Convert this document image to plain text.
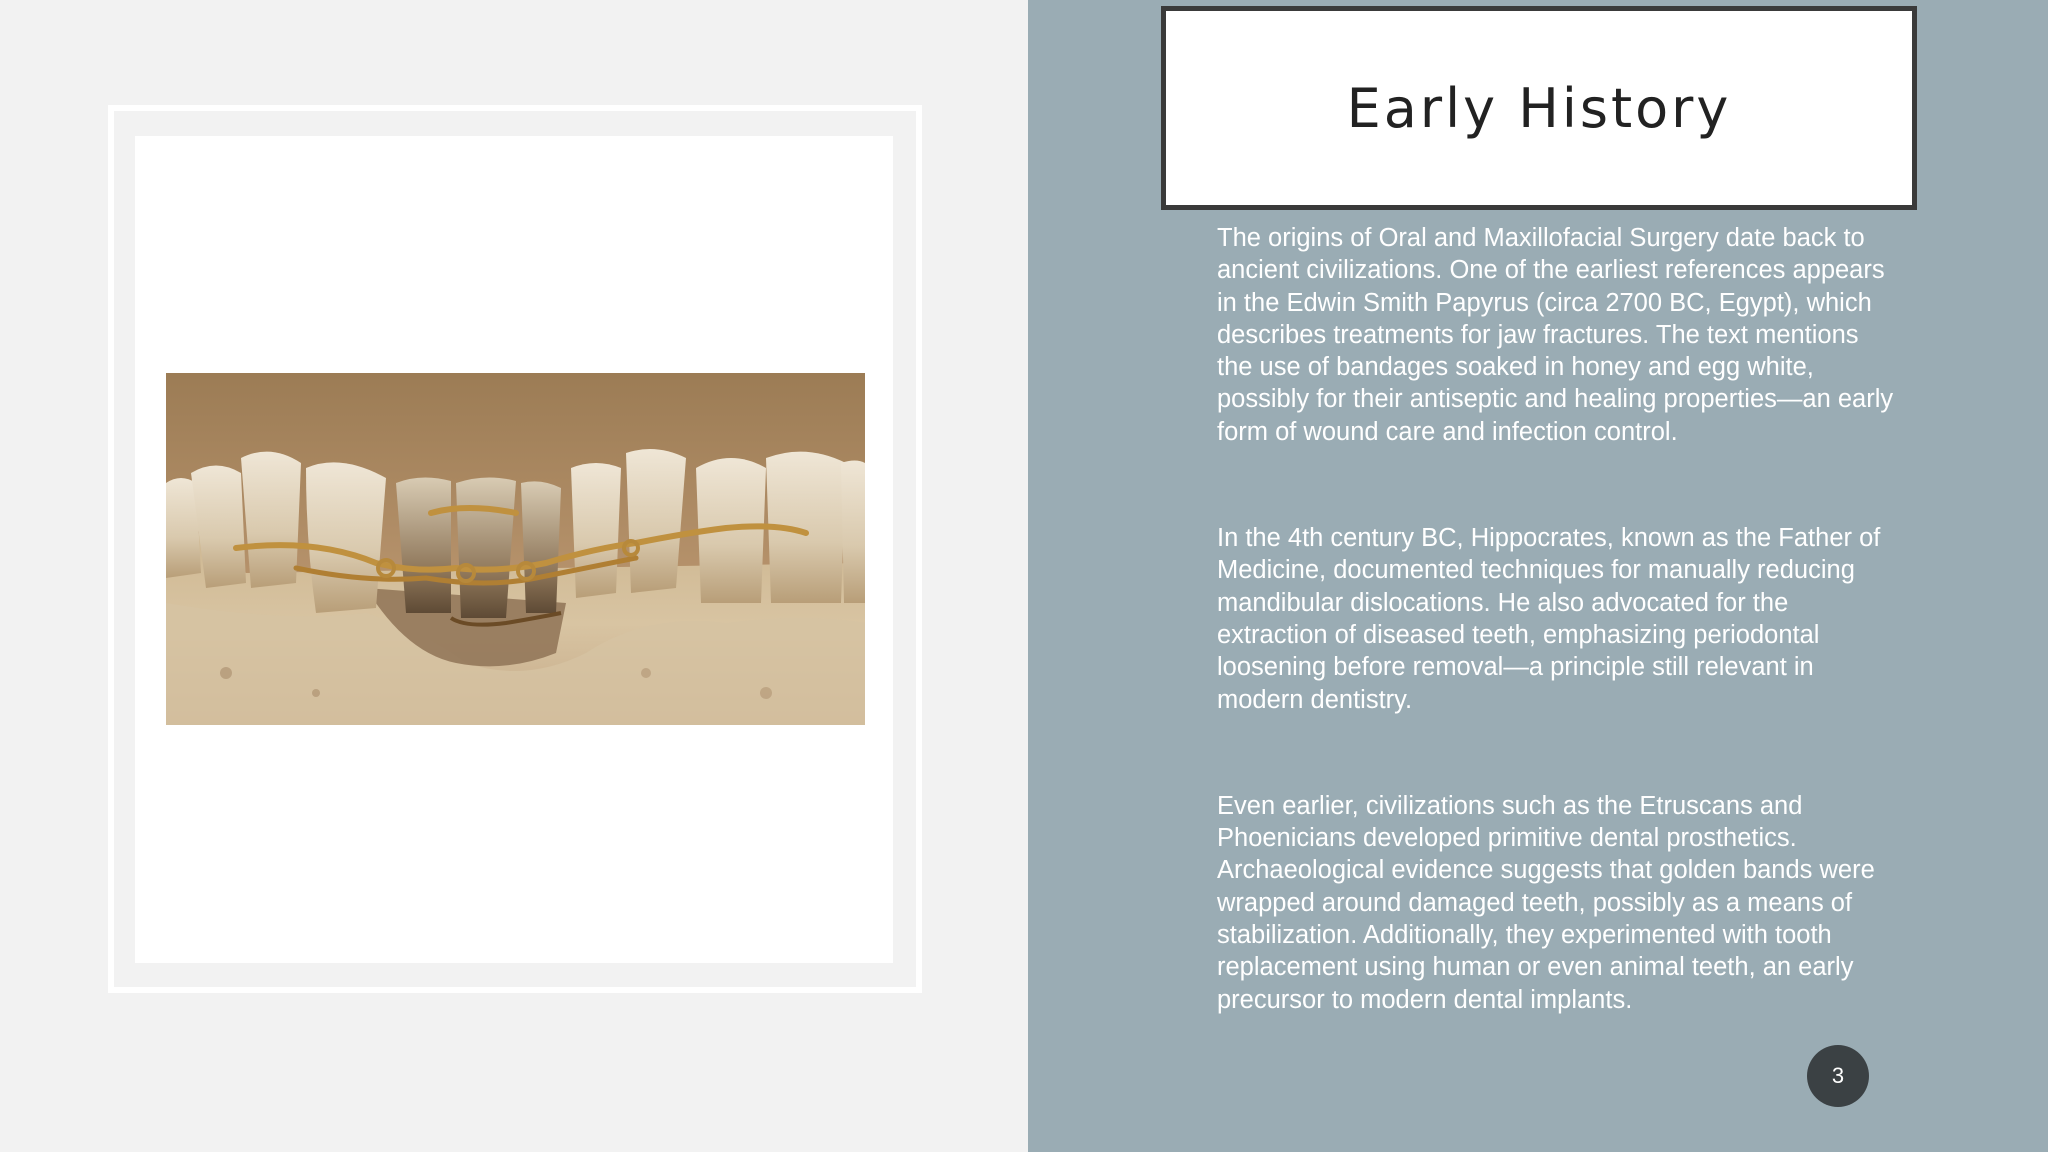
Early History

The origins of Oral and Maxillofacial Surgery date back to ancient civilizations. One of the earliest references appears in the Edwin Smith Papyrus (circa 2700 BC, Egypt), which describes treatments for jaw fractures. The text mentions the use of bandages soaked in honey and egg white, possibly for their antiseptic and healing properties—an early form of wound care and infection control.

In the 4th century BC, Hippocrates, known as the Father of Medicine, documented techniques for manually reducing mandibular dislocations. He also advocated for the extraction of diseased teeth, emphasizing periodontal loosening before removal—a principle still relevant in modern dentistry.

Even earlier, civilizations such as the Etruscans and Phoenicians developed primitive dental prosthetics. Archaeological evidence suggests that golden bands were wrapped around damaged teeth, possibly as a means of stabilization. Additionally, they experimented with tooth replacement using human or even animal teeth, an early precursor to modern dental implants.

3
